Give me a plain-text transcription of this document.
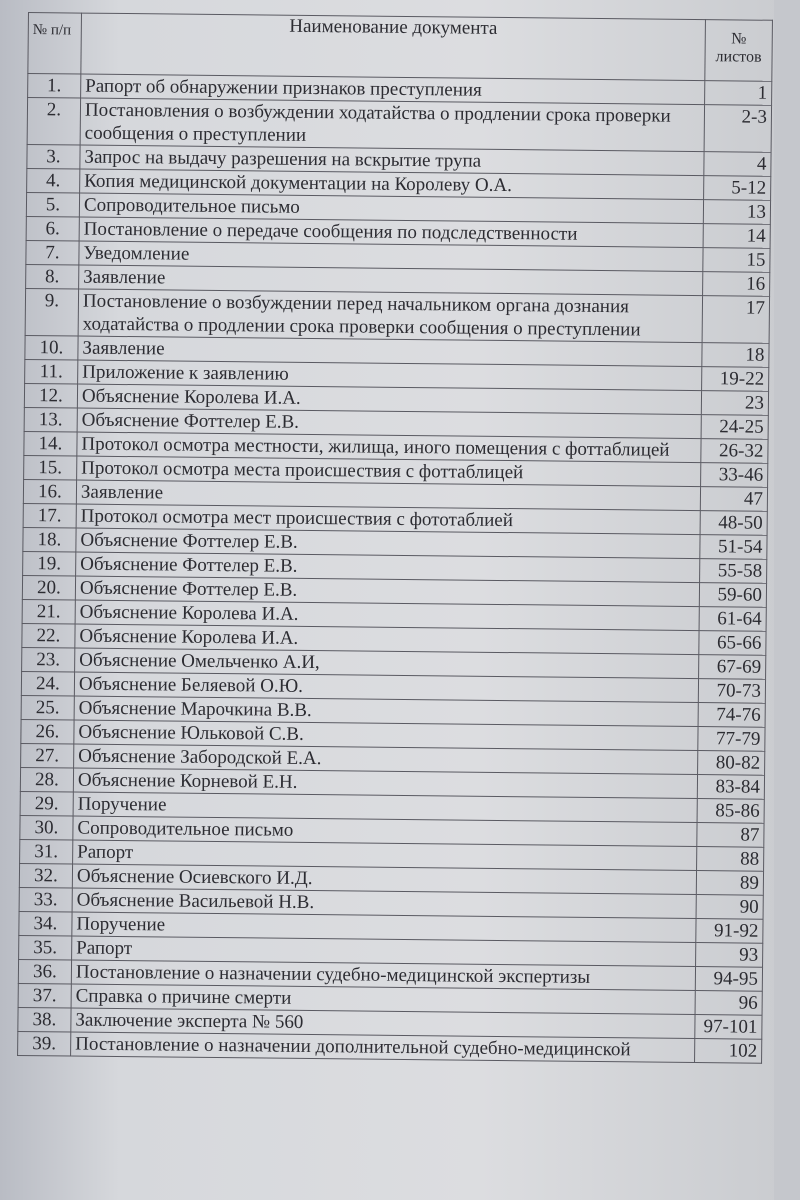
№ п/п	Наименование документа	№ листов
1.	Рапорт об обнаружении признаков преступления	1
2.	Постановления о возбуждении ходатайства о продлении срока проверки сообщения о преступлении	2-3
3.	Запрос на выдачу разрешения на вскрытие трупа	4
4.	Копия медицинской документации на Королеву О.А.	5-12
5.	Сопроводительное письмо	13
6.	Постановление о передаче сообщения по подследственности	14
7.	Уведомление	15
8.	Заявление	16
9.	Постановление о возбуждении перед начальником органа дознания ходатайства о продлении срока проверки сообщения о преступлении	17
10.	Заявление	18
11.	Приложение к заявлению	19-22
12.	Объяснение Королева И.А.	23
13.	Объяснение Фоттелер Е.В.	24-25
14.	Протокол осмотра местности, жилища, иного помещения с фоттаблицей	26-32
15.	Протокол осмотра места происшествия с фоттаблицей	33-46
16.	Заявление	47
17.	Протокол осмотра мест происшествия с фототаблией	48-50
18.	Объяснение Фоттелер Е.В.	51-54
19.	Объяснение Фоттелер Е.В.	55-58
20.	Объяснение Фоттелер Е.В.	59-60
21.	Объяснение Королева И.А.	61-64
22.	Объяснение Королева И.А.	65-66
23.	Объяснение Омельченко А.И,	67-69
24.	Объяснение Беляевой О.Ю.	70-73
25.	Объяснение Марочкина В.В.	74-76
26.	Объяснение Юльковой С.В.	77-79
27.	Объяснение Забородской Е.А.	80-82
28.	Объяснение Корневой Е.Н.	83-84
29.	Поручение	85-86
30.	Сопроводительное письмо	87
31.	Рапорт	88
32.	Объяснение Осиевского И.Д.	89
33.	Объяснение Васильевой Н.В.	90
34.	Поручение	91-92
35.	Рапорт	93
36.	Постановление о назначении судебно-медицинской экспертизы	94-95
37.	Справка о причине смерти	96
38.	Заключение эксперта № 560	97-101
39.	Постановление о назначении дополнительной судебно-медицинской	102
